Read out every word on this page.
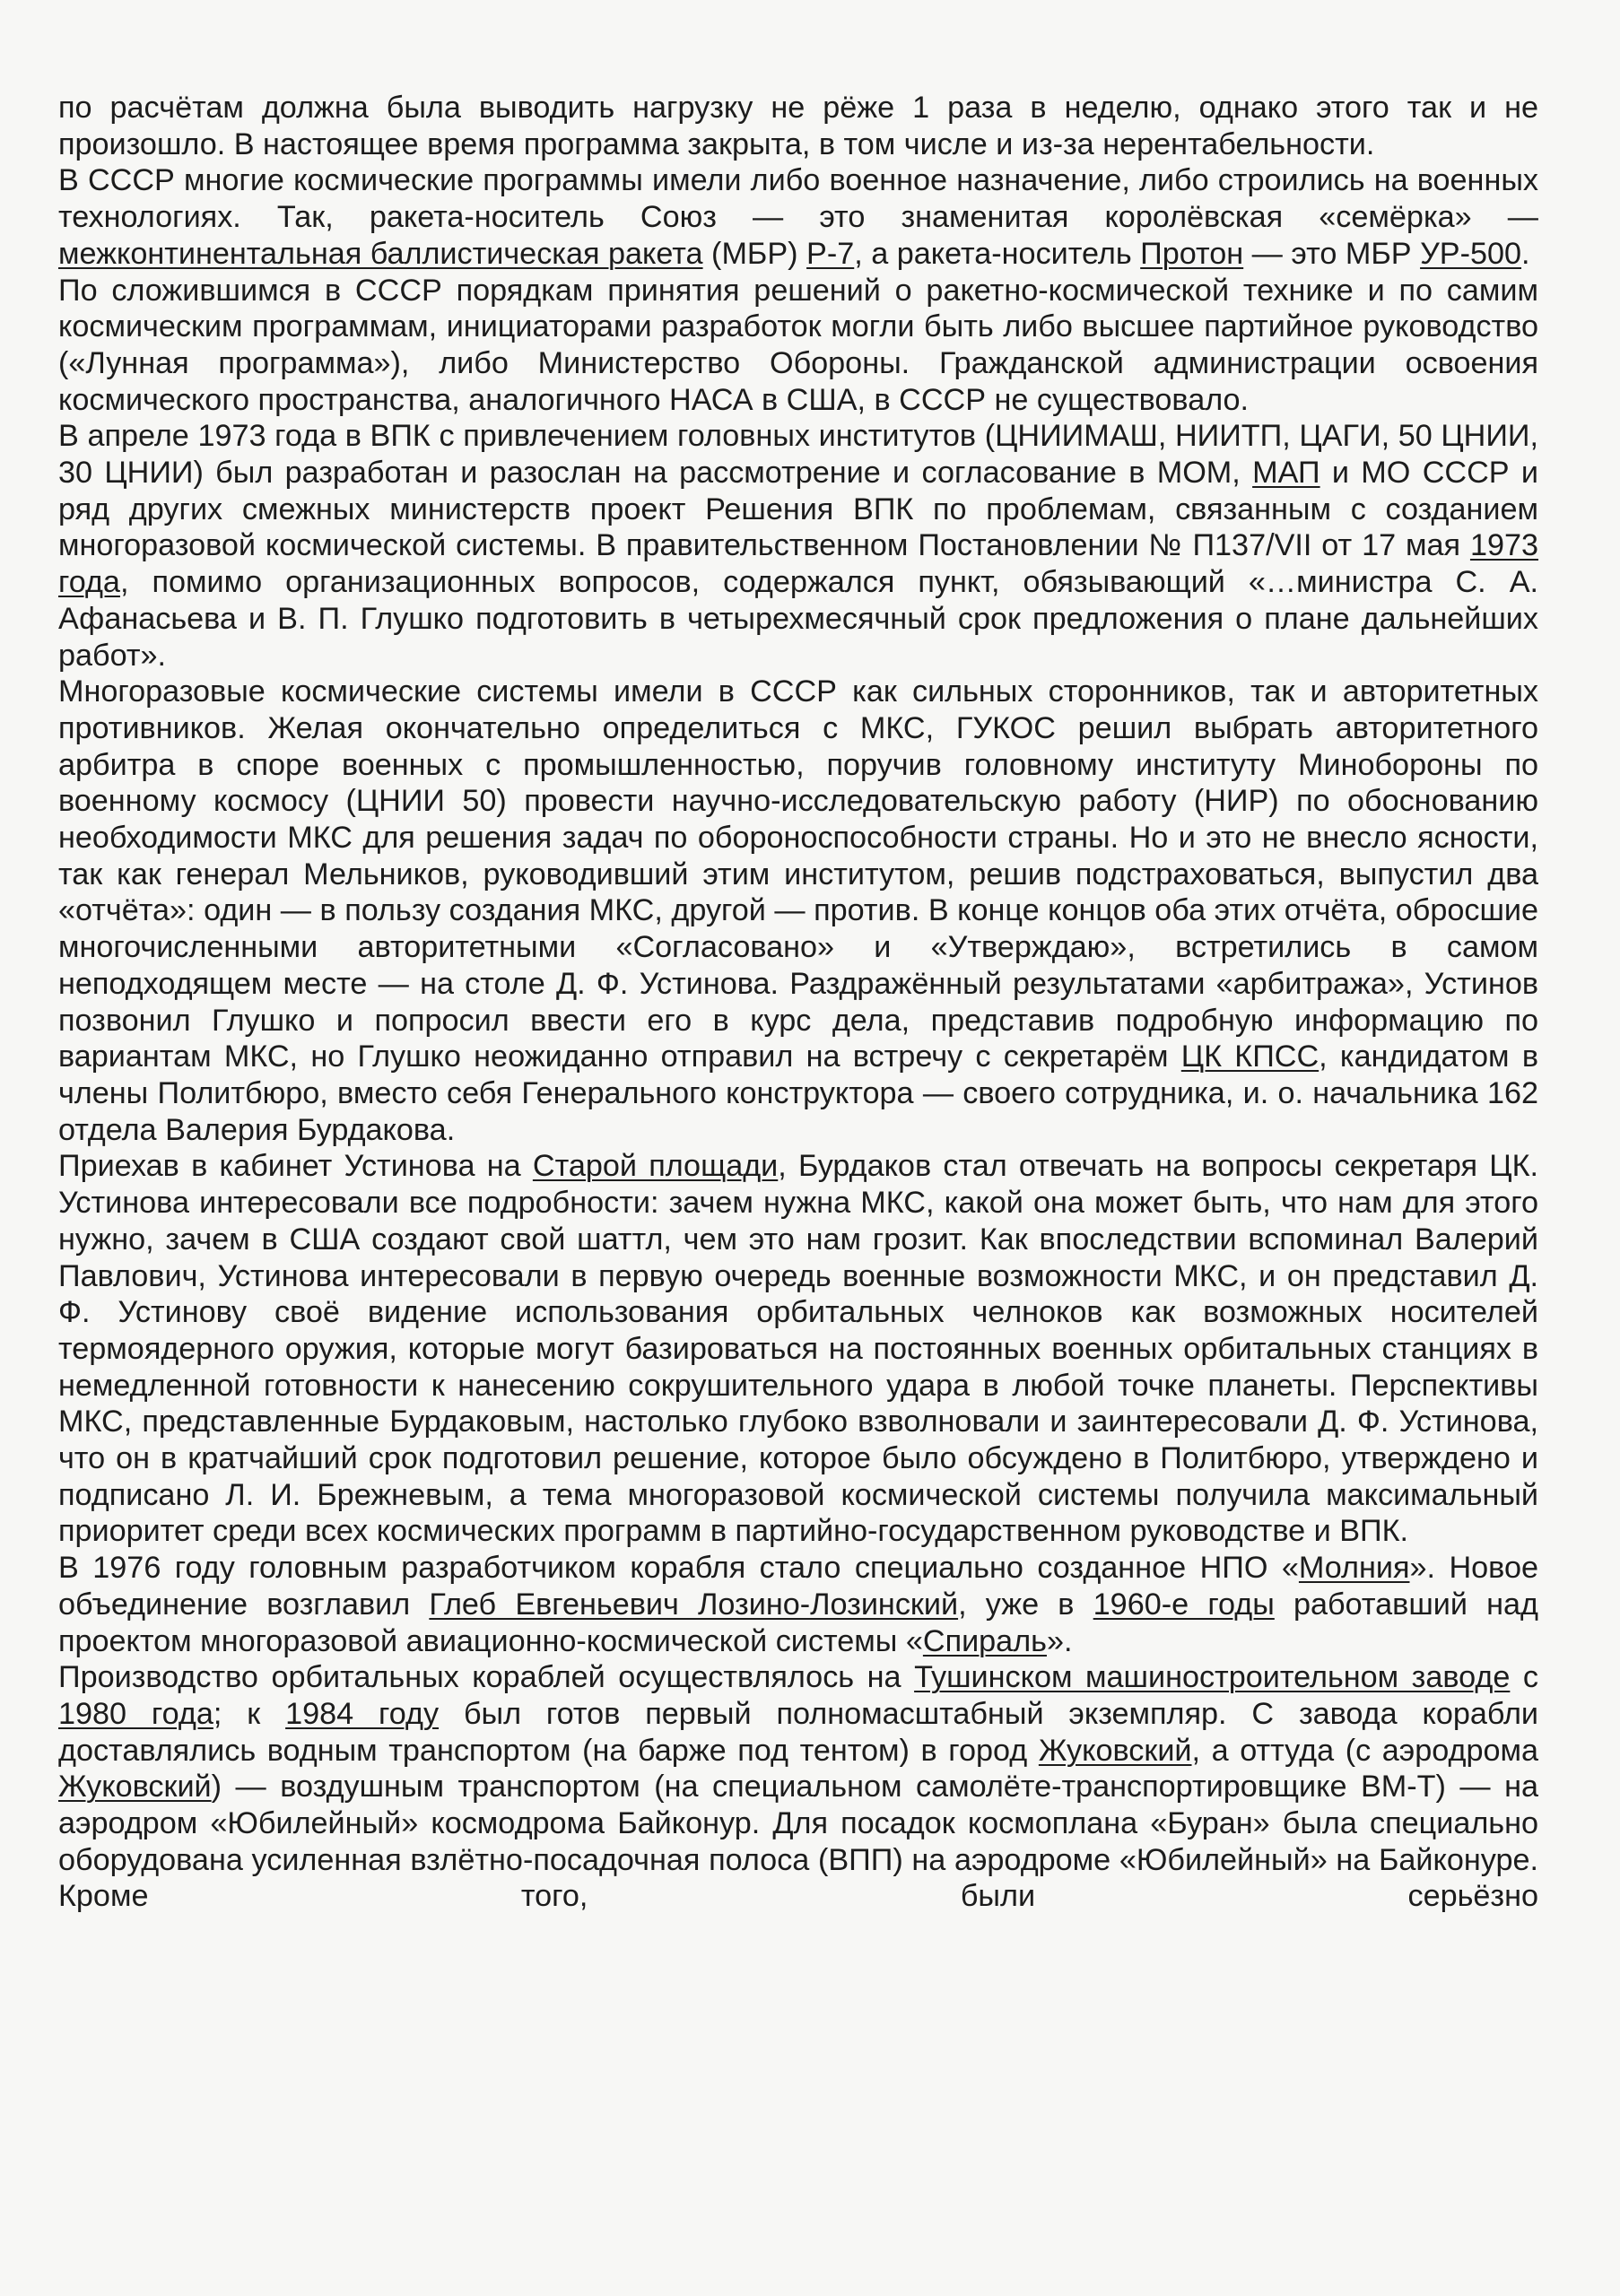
по расчётам должна была выводить нагрузку не рёже 1 раза в неделю, однако этого так и не произошло. В настоящее время программа закрыта, в том числе и из-за нерентабельности.

В СССР многие космические программы имели либо военное назначение, либо строились на военных технологиях. Так, ракета-носитель Союз — это знаменитая королёвская «семёрка» — межконтинентальная баллистическая ракета (МБР) Р-7, а ракета-носитель Протон — это МБР УР-500.

По сложившимся в СССР порядкам принятия решений о ракетно-космической технике и по самим космическим программам, инициаторами разработок могли быть либо высшее партийное руководство («Лунная программа»), либо Министерство Обороны. Гражданской администрации освоения космического пространства, аналогичного НАСА в США, в СССР не существовало.

В апреле 1973 года в ВПК с привлечением головных институтов (ЦНИИМАШ, НИИТП, ЦАГИ, 50 ЦНИИ, 30 ЦНИИ) был разработан и разослан на рассмотрение и согласование в МОМ, МАП и МО СССР и ряд других смежных министерств проект Решения ВПК по проблемам, связанным с созданием многоразовой космической системы. В правительственном Постановлении № П137/VII от 17 мая 1973 года, помимо организационных вопросов, содержался пункт, обязывающий «…министра С. А. Афанасьева и В. П. Глушко подготовить в четырехмесячный срок предложения о плане дальнейших работ».

Многоразовые космические системы имели в СССР как сильных сторонников, так и авторитетных противников. Желая окончательно определиться с МКС, ГУКОС решил выбрать авторитетного арбитра в споре военных с промышленностью, поручив головному институту Минобороны по военному космосу (ЦНИИ 50) провести научно-исследовательскую работу (НИР) по обоснованию необходимости МКС для решения задач по обороноспособности страны. Но и это не внесло ясности, так как генерал Мельников, руководивший этим институтом, решив подстраховаться, выпустил два «отчёта»: один — в пользу создания МКС, другой — против. В конце концов оба этих отчёта, обросшие многочисленными авторитетными «Согласовано» и «Утверждаю», встретились в самом неподходящем месте — на столе Д. Ф. Устинова. Раздражённый результатами «арбитража», Устинов позвонил Глушко и попросил ввести его в курс дела, представив подробную информацию по вариантам МКС, но Глушко неожиданно отправил на встречу с секретарём ЦК КПСС, кандидатом в члены Политбюро, вместо себя Генерального конструктора — своего сотрудника, и. о. начальника 162 отдела Валерия Бурдакова.

Приехав в кабинет Устинова на Старой площади, Бурдаков стал отвечать на вопросы секретаря ЦК. Устинова интересовали все подробности: зачем нужна МКС, какой она может быть, что нам для этого нужно, зачем в США создают свой шаттл, чем это нам грозит. Как впоследствии вспоминал Валерий Павлович, Устинова интересовали в первую очередь военные возможности МКС, и он представил Д. Ф. Устинову своё видение использования орбитальных челноков как возможных носителей термоядерного оружия, которые могут базироваться на постоянных военных орбитальных станциях в немедленной готовности к нанесению сокрушительного удара в любой точке планеты. Перспективы МКС, представленные Бурдаковым, настолько глубоко взволновали и заинтересовали Д. Ф. Устинова, что он в кратчайший срок подготовил решение, которое было обсуждено в Политбюро, утверждено и подписано Л. И. Брежневым, а тема многоразовой космической системы получила максимальный приоритет среди всех космических программ в партийно-государственном руководстве и ВПК.

В 1976 году головным разработчиком корабля стало специально созданное НПО «Молния». Новое объединение возглавил Глеб Евгеньевич Лозино-Лозинский, уже в 1960-е годы работавший над проектом многоразовой авиационно-космической системы «Спираль».

Производство орбитальных кораблей осуществлялось на Тушинском машиностроительном заводе с 1980 года; к 1984 году был готов первый полномасштабный экземпляр. С завода корабли доставлялись водным транспортом (на барже под тентом) в город Жуковский, а оттуда (с аэродрома Жуковский) — воздушным транспортом (на специальном самолёте-транспортировщике ВМ-Т) — на аэродром «Юбилейный» космодрома Байконур. Для посадок космоплана «Буран» была специально оборудована усиленная взлётно-посадочная полоса (ВПП) на аэродроме «Юбилейный» на Байконуре. Кроме того, были серьёзно
